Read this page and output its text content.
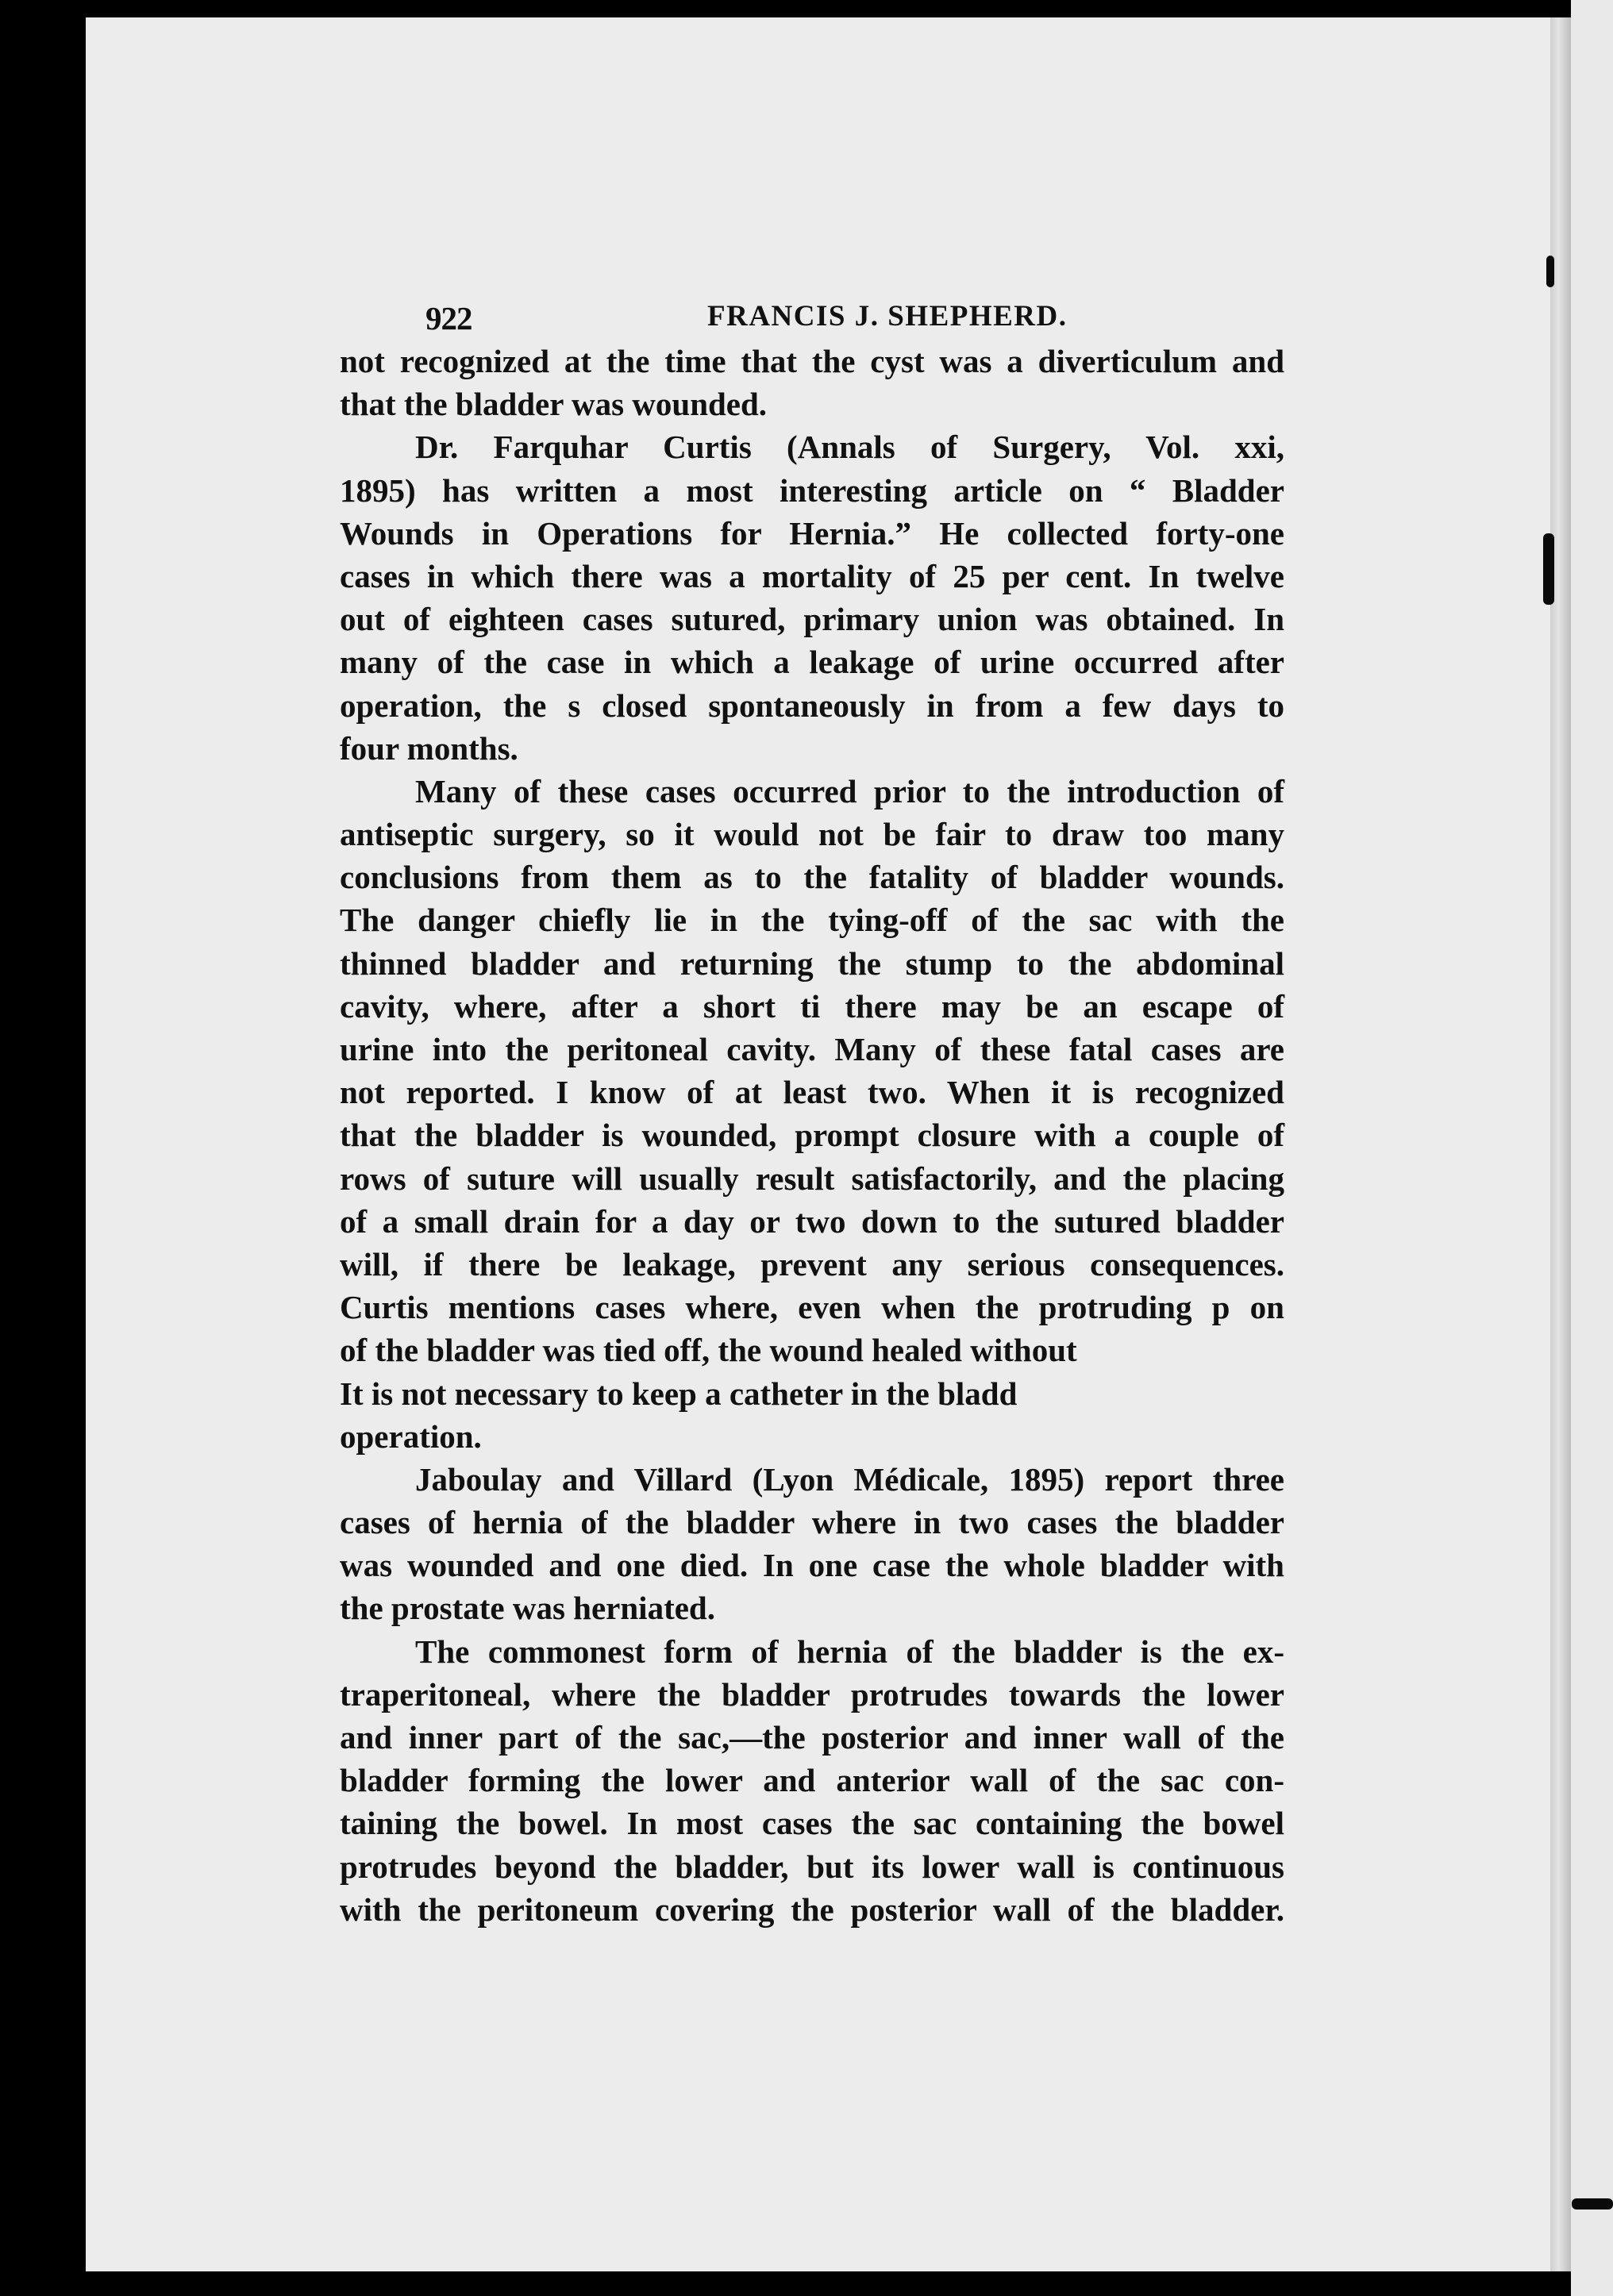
922	FRANCIS J. SHEPHERD.
not recognized at the time that the cyst was a diverticulum and
that the bladder was wounded.
Dr. Farquhar Curtis (Annals of Surgery, Vol. xxi,
1895) has written a most interesting article on “ Bladder
Wounds in Operations for Hernia.” He collected forty-one
cases in which there was a mortality of 25 per cent. In twelve
out of eighteen cases sutured, primary union was obtained. In
many of the case in which a leakage of urine occurred after
operation, the s closed spontaneously in from a few days to
four months.
Many of these cases occurred prior to the introduction of
antiseptic surgery, so it would not be fair to draw too many
conclusions from them as to the fatality of bladder wounds.
The danger chiefly lie in the tying-off of the sac with the
thinned bladder and returning the stump to the abdominal
cavity, where, after a short ti there may be an escape of
urine into the peritoneal cavity. Many of these fatal cases are
not reported. I know of at least two. When it is recognized
that the bladder is wounded, prompt closure with a couple of
rows of suture will usually result satisfactorily, and the placing
of a small drain for a day or two down to the sutured bladder
will, if there be leakage, prevent any serious consequences.
Curtis mentions cases where, even when the protruding p on
of the bladder was tied off, the wound healed without
It is not necessary to keep a catheter in the bladd
operation.
Jaboulay and Villard (Lyon Médicale, 1895) report three
cases of hernia of the bladder where in two cases the bladder
was wounded and one died. In one case the whole bladder with
the prostate was herniated.
The commonest form of hernia of the bladder is the ex-
traperitoneal, where the bladder protrudes towards the lower
and inner part of the sac,—the posterior and inner wall of the
bladder forming the lower and anterior wall of the sac con-
taining the bowel. In most cases the sac containing the bowel
protrudes beyond the bladder, but its lower wall is continuous
with the peritoneum covering the posterior wall of the bladder.
